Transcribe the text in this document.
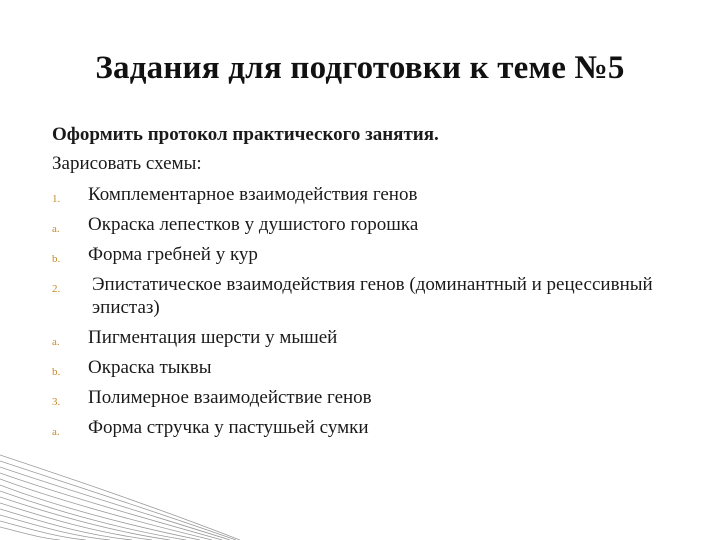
Задания для подготовки к теме №5
Оформить протокол практического занятия.
Зарисовать схемы:
1.	Комплементарное взаимодействия генов
a.	Окраска лепестков у душистого горошка
b.	Форма гребней у кур
2.	Эпистатическое взаимодействия генов (доминантный и рецессивный эпистаз)
a.	Пигментация шерсти у мышей
b.	Окраска тыквы
3.	Полимерное взаимодействие генов
a.	Форма стручка у пастушьей сумки
